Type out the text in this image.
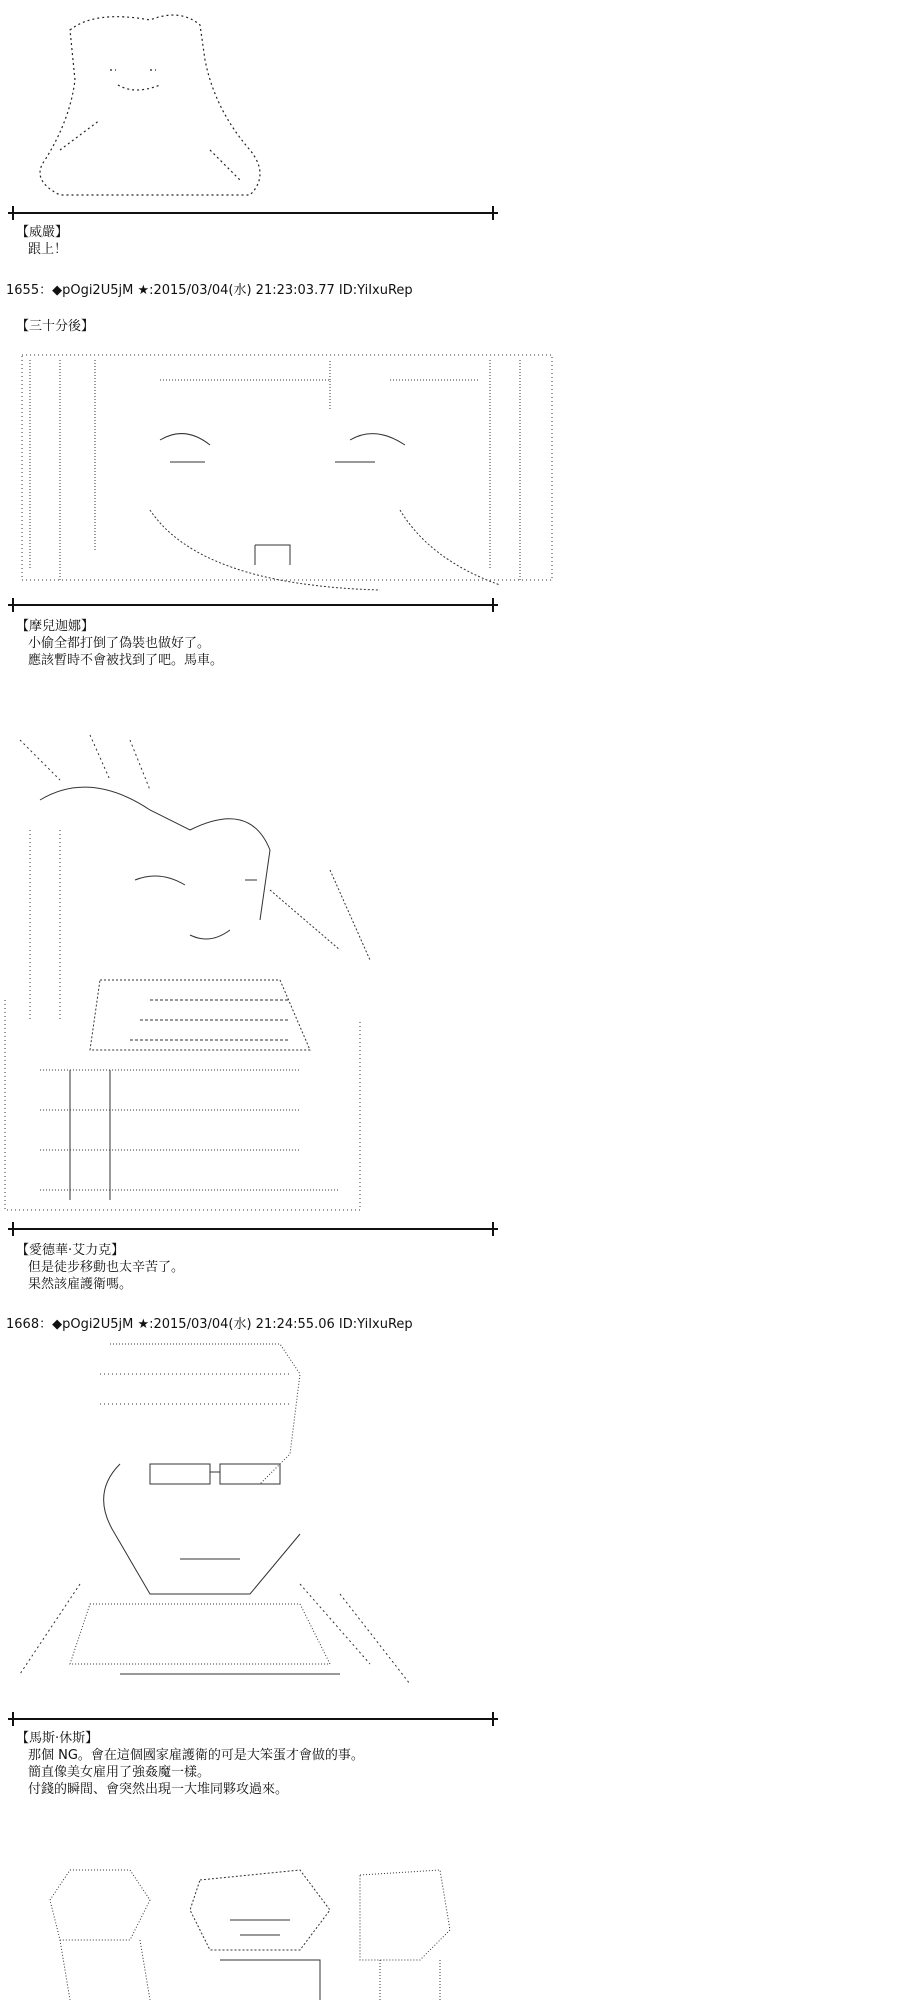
【威嚴】
跟上！
1655：◆pOgi2U5jM ★:2015/03/04(水) 21:23:03.77 ID:YiIxuRep
【三十分後】
【摩兒迦娜】
小偷全都打倒了偽裝也做好了。
應該暫時不會被找到了吧。馬車。
【愛德華·艾力克】
但是徒步移動也太辛苦了。
果然該雇護衛嗎。
1668：◆pOgi2U5jM ★:2015/03/04(水) 21:24:55.06 ID:YiIxuRep
【馬斯·休斯】
那個 NG。會在這個國家雇護衛的可是大笨蛋才會做的事。
簡直像美女雇用了強姦魔一樣。
付錢的瞬間、會突然出現一大堆同夥攻過來。
